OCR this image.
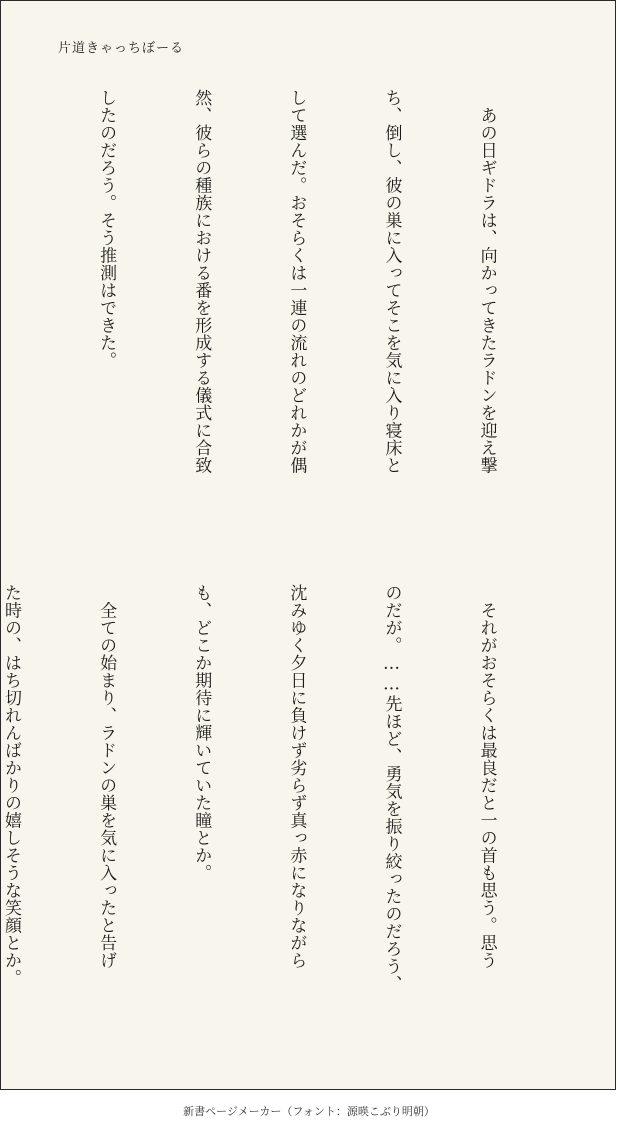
片道きゃっちぼーる

　あの日ギドラは、向かってきたラドンを迎え撃

ち、倒し、彼の巣に入ってそこを気に入り寝床と

して選んだ。おそらくは一連の流れのどれかが偶

然、彼らの種族における番を形成する儀式に合致

したのだろう。そう推測はできた。

　それがおそらくは最良だと一の首も思う。思う

のだが。……先ほど、勇気を振り絞ったのだろう、

沈みゆく夕日に負けず劣らず真っ赤になりながら

も、どこか期待に輝いていた瞳とか。

　全ての始まり、ラドンの巣を気に入ったと告げ

た時の、はち切れんばかりの嬉しそうな笑顔とか。

新書ページメーカー（フォント：源暎こぶり明朝）
